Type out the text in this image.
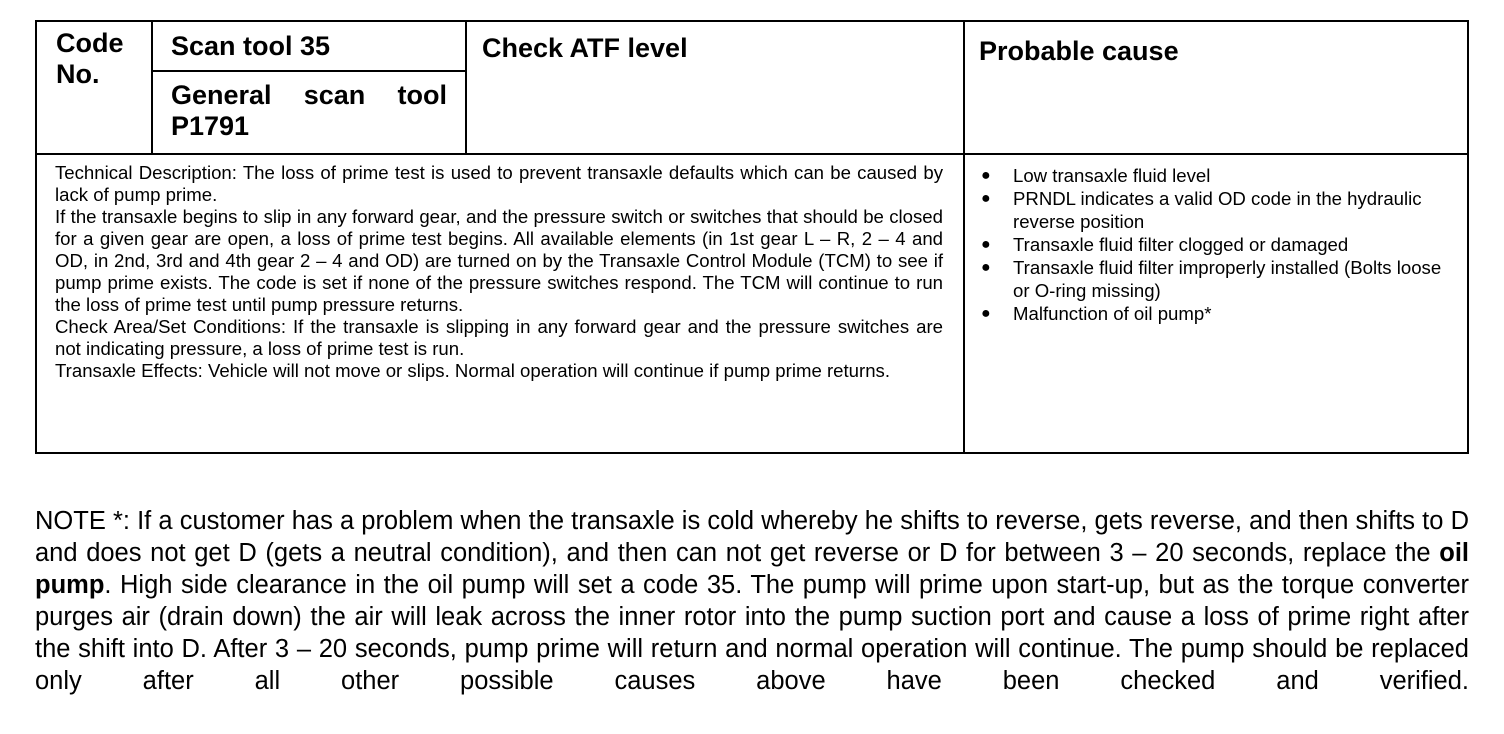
Code No.
Scan tool 35
General scan tool
P1791
Check ATF level	Probable cause

Technical Description: The loss of prime test is used to prevent transaxle defaults which can be caused by lack of pump prime.

If the transaxle begins to slip in any forward gear, and the pressure switch or switches that should be closed for a given gear are open, a loss of prime test begins. All available elements (in 1st gear L – R, 2 – 4 and OD, in 2nd, 3rd and 4th gear 2 – 4 and OD) are turned on by the Transaxle Control Module (TCM) to see if pump prime exists. The code is set if none of the pressure switches respond. The TCM will continue to run the loss of prime test until pump pressure returns.

Check Area/Set Conditions: If the transaxle is slipping in any forward gear and the pressure switches are not indicating pressure, a loss of prime test is run.

Transaxle Effects: Vehicle will not move or slips. Normal operation will continue if pump prime returns.

● Low transaxle fluid level
● PRNDL indicates a valid OD code in the hydraulic reverse position
● Transaxle fluid filter clogged or damaged
● Transaxle fluid filter improperly installed (Bolts loose or O-ring missing)
● Malfunction of oil pump*

NOTE *: If a customer has a problem when the transaxle is cold whereby he shifts to reverse, gets reverse, and then shifts to D and does not get D (gets a neutral condition), and then can not get reverse or D for between 3 – 20 seconds, replace the oil pump. High side clearance in the oil pump will set a code 35. The pump will prime upon start-up, but as the torque converter purges air (drain down) the air will leak across the inner rotor into the pump suction port and cause a loss of prime right after the shift into D. After 3 – 20 seconds, pump prime will return and normal operation will continue. The pump should be replaced only after all other possible causes above have been checked and verified.
